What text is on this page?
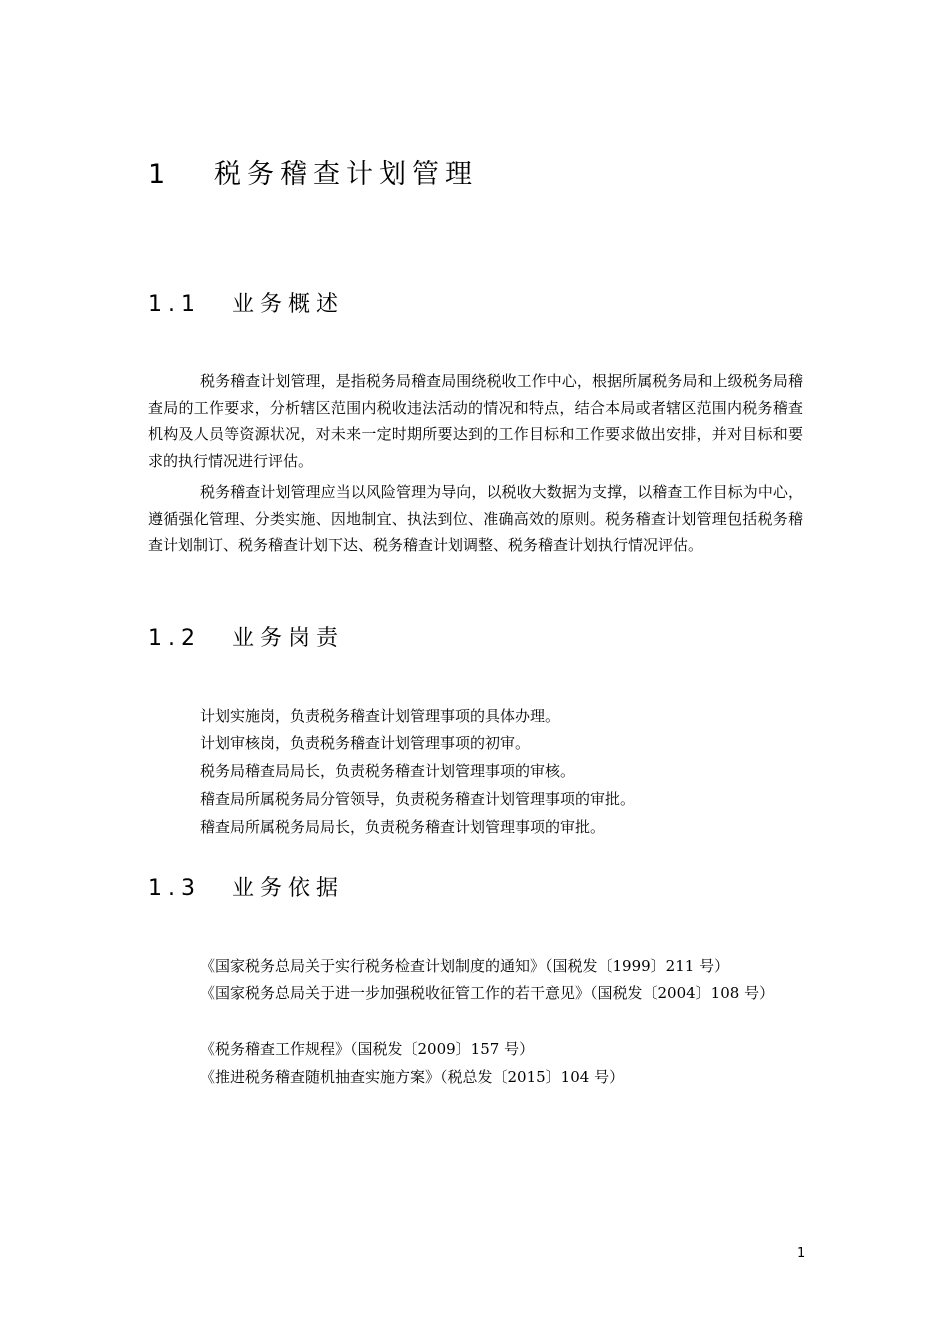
1 税务稽查计划管理
1.1 业务概述

税务稽查计划管理，是指税务局稽查局围绕税收工作中心，根据所属税务局和上级税务局稽查局的工作要求，分析辖区范围内税收违法活动的情况和特点，结合本局或者辖区范围内税务稽查机构及人员等资源状况，对未来一定时期所要达到的工作目标和工作要求做出安排，并对目标和要求的执行情况进行评估。

税务稽查计划管理应当以风险管理为导向，以税收大数据为支撑，以稽查工作目标为中心，遵循强化管理、分类实施、因地制宜、执法到位、准确高效的原则。税务稽查计划管理包括税务稽查计划制订、税务稽查计划下达、税务稽查计划调整、税务稽查计划执行情况评估。

1.2 业务岗责

计划实施岗，负责税务稽查计划管理事项的具体办理。

计划审核岗，负责税务稽查计划管理事项的初审。

税务局稽查局局长，负责税务稽查计划管理事项的审核。

稽查局所属税务局分管领导，负责税务稽查计划管理事项的审批。

稽查局所属税务局局长，负责税务稽查计划管理事项的审批。

1.3 业务依据

《国家税务总局关于实行税务检查计划制度的通知》（国税发〔1999〕211 号）

《国家税务总局关于进一步加强税收征管工作的若干意见》（国税发〔2004〕108 号）

《税务稽查工作规程》（国税发〔2009〕157 号）

《推进税务稽查随机抽查实施方案》（税总发〔2015〕104 号）

1
